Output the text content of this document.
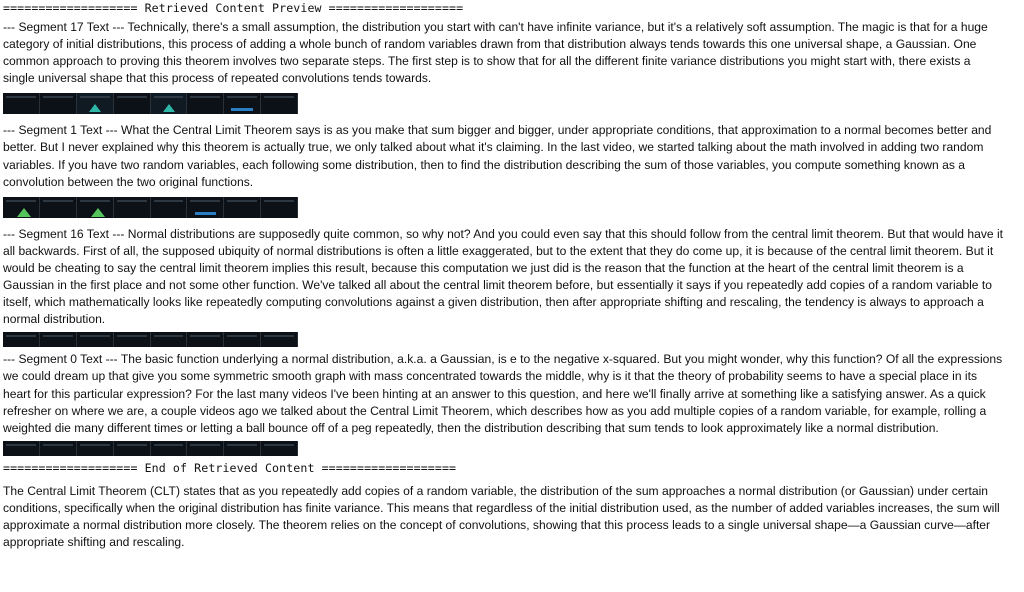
=================== Retrieved Content Preview ===================

--- Segment 17 Text --- Technically, there's a small assumption, the distribution you start with can't have infinite variance, but it's a relatively soft assumption. The magic is that for a huge category of initial distributions, this process of adding a whole bunch of random variables drawn from that distribution always tends towards this one universal shape, a Gaussian. One common approach to proving this theorem involves two separate steps. The first step is to show that for all the different finite variance distributions you might start with, there exists a single universal shape that this process of repeated convolutions tends towards.

--- Segment 1 Text --- What the Central Limit Theorem says is as you make that sum bigger and bigger, under appropriate conditions, that approximation to a normal becomes better and better. But I never explained why this theorem is actually true, we only talked about what it's claiming. In the last video, we started talking about the math involved in adding two random variables. If you have two random variables, each following some distribution, then to find the distribution describing the sum of those variables, you compute something known as a convolution between the two original functions.

--- Segment 16 Text --- Normal distributions are supposedly quite common, so why not? And you could even say that this should follow from the central limit theorem. But that would have it all backwards. First of all, the supposed ubiquity of normal distributions is often a little exaggerated, but to the extent that they do come up, it is because of the central limit theorem. But it would be cheating to say the central limit theorem implies this result, because this computation we just did is the reason that the function at the heart of the central limit theorem is a Gaussian in the first place and not some other function. We've talked all about the central limit theorem before, but essentially it says if you repeatedly add copies of a random variable to itself, which mathematically looks like repeatedly computing convolutions against a given distribution, then after appropriate shifting and rescaling, the tendency is always to approach a normal distribution.

--- Segment 0 Text --- The basic function underlying a normal distribution, a.k.a. a Gaussian, is e to the negative x-squared. But you might wonder, why this function? Of all the expressions we could dream up that give you some symmetric smooth graph with mass concentrated towards the middle, why is it that the theory of probability seems to have a special place in its heart for this particular expression? For the last many videos I've been hinting at an answer to this question, and here we'll finally arrive at something like a satisfying answer. As a quick refresher on where we are, a couple videos ago we talked about the Central Limit Theorem, which describes how as you add multiple copies of a random variable, for example, rolling a weighted die many different times or letting a ball bounce off of a peg repeatedly, then the distribution describing that sum tends to look approximately like a normal distribution.

=================== End of Retrieved Content ===================

The Central Limit Theorem (CLT) states that as you repeatedly add copies of a random variable, the distribution of the sum approaches a normal distribution (or Gaussian) under certain conditions, specifically when the original distribution has finite variance. This means that regardless of the initial distribution used, as the number of added variables increases, the sum will approximate a normal distribution more closely. The theorem relies on the concept of convolutions, showing that this process leads to a single universal shape—a Gaussian curve—after appropriate shifting and rescaling.
